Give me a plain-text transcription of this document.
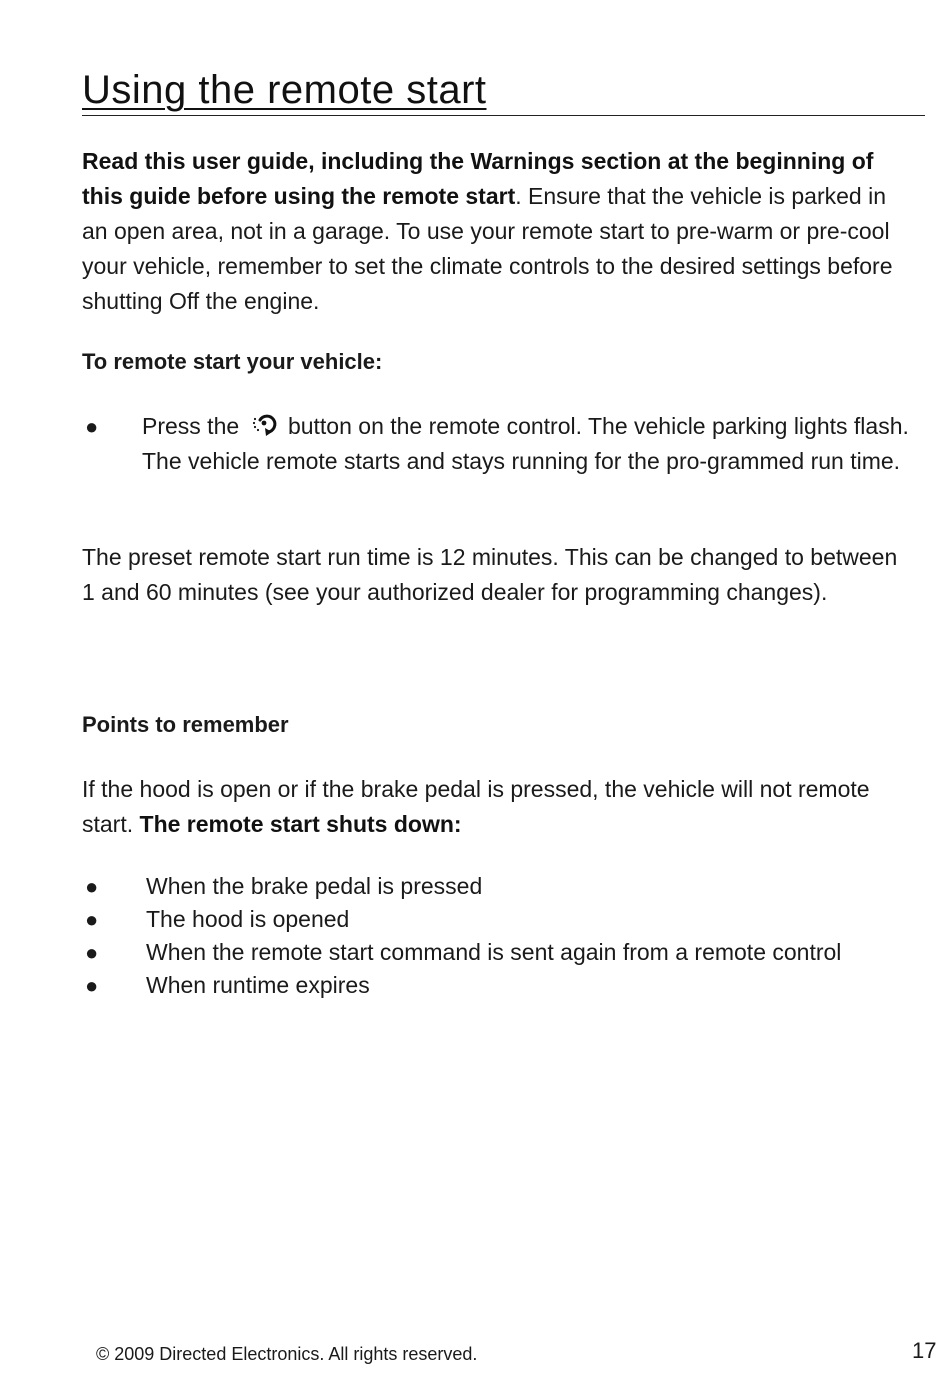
Using the remote start
Read this user guide, including the Warnings section at the beginning of this guide before using the remote start. Ensure that the vehicle is parked in an open area, not in a garage. To use your remote start to pre-warm or pre-cool your vehicle, remember to set the climate controls to the desired settings before shutting Off the engine.
To remote start your vehicle:
● Press the button on the remote control. The vehicle parking lights flash. The vehicle remote starts and stays running for the pro-grammed run time.
The preset remote start run time is 12 minutes. This can be changed to between 1 and 60 minutes (see your authorized dealer for programming changes).
Points to remember
If the hood is open or if the brake pedal is pressed, the vehicle will not remote start. The remote start shuts down:
● When the brake pedal is pressed
● The hood is opened
● When the remote start command is sent again from a remote control
● When runtime expires
© 2009 Directed Electronics. All rights reserved.	17
